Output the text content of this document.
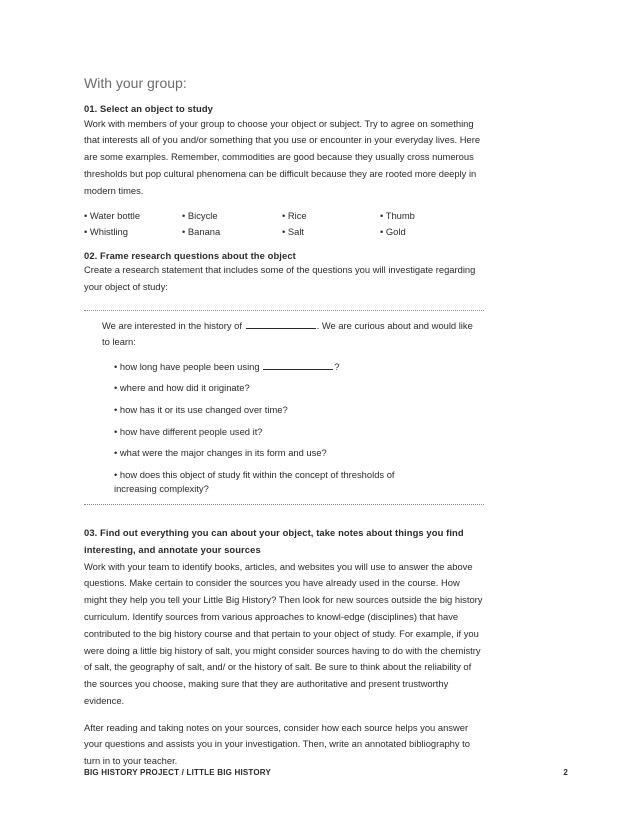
With your group:
01. Select an object to study

Work with members of your group to choose your object or subject. Try to agree on something that interests all of you and/or something that you use or encounter in your everyday lives. Here are some examples. Remember, commodities are good because they usually cross numerous thresholds but pop cultural phenomena can be difficult because they are rooted more deeply in modern times.

• Water bottle	• Bicycle	• Rice	• Thumb
• Whistling	• Banana	• Salt	• Gold
02. Frame research questions about the object

Create a research statement that includes some of the questions you will investigate regarding your object of study:

We are interested in the history of	. We are curious about and would like to learn:

• how long have people been using	?
• where and how did it originate?
• how has it or its use changed over time?
• how have different people used it?
• what were the major changes in its form and use?
• how does this object of study fit within the concept of thresholds of increasing complexity?
03. Find out everything you can about your object, take notes about things you find interesting, and annotate your sources

Work with your team to identify books, articles, and websites you will use to answer the above questions. Make certain to consider the sources you have already used in the course. How might they help you tell your Little Big History? Then look for new sources outside the big history curriculum. Identify sources from various approaches to knowl-edge (disciplines) that have contributed to the big history course and that pertain to your object of study. For example, if you were doing a little big history of salt, you might consider sources having to do with the chemistry of salt, the geography of salt, and/ or the history of salt. Be sure to think about the reliability of the sources you choose, making sure that they are authoritative and present trustworthy evidence.

After reading and taking notes on your sources, consider how each source helps you answer your questions and assists you in your investigation. Then, write an annotated bibliography to turn in to your teacher.

BIG HISTORY PROJECT / LITTLE BIG HISTORY	2
